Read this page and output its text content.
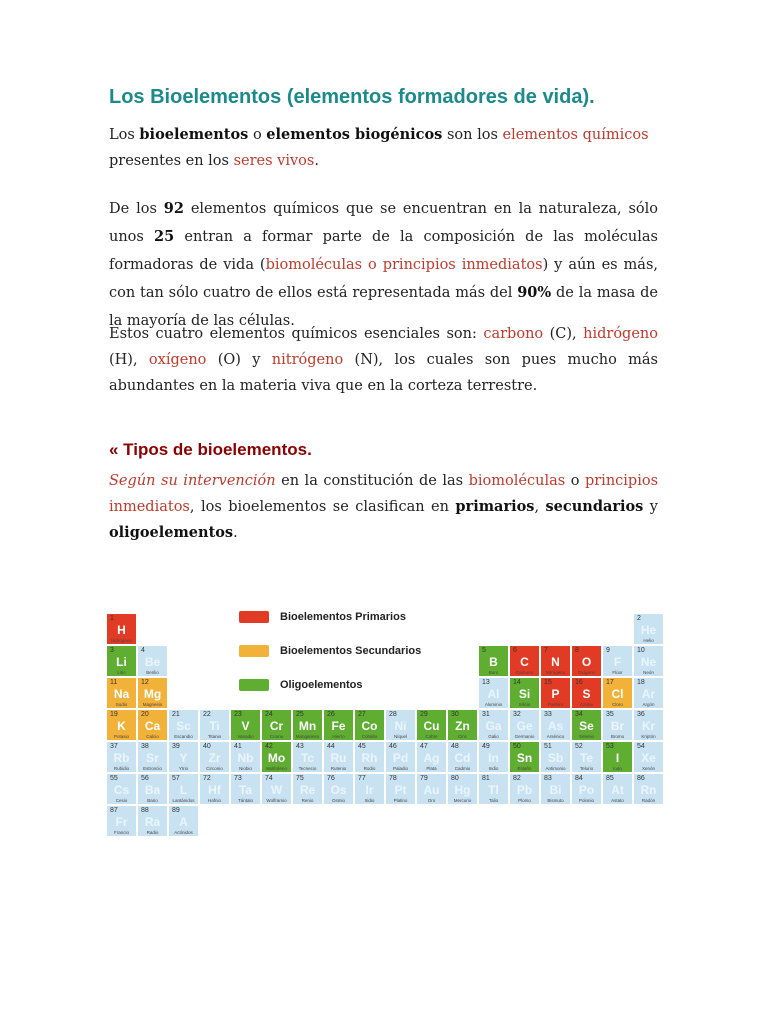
Los Bioelementos (elementos formadores de vida).
Los bioelementos o elementos biogénicos son los elementos químicos
presentes en los seres vivos.
De los 92 elementos químicos que se encuentran en la naturaleza, sólo unos 25 entran a formar parte de la composición de las moléculas formadoras de vida (biomoléculas o principios inmediatos) y aún es más, con tan sólo cuatro de ellos está representada más del 90% de la masa de la mayoría de las células.
Estos cuatro elementos químicos esenciales son: carbono (C), hidrógeno (H), oxígeno (O) y nitrógeno (N), los cuales son pues mucho más abundantes en la materia viva que en la corteza terrestre.
« Tipos de bioelementos.
Según su intervención en la constitución de las biomoléculas o principios inmediatos, los bioelementos se clasifican en primarios, secundarios y oligoelementos.
Bioelementos Primarios
Bioelementos Secundarios
Oligoelementos
1
H
Hidrógeno
2
He
Helio
3
Li
Litio
4
Be
Berilio
5
B
Boro
6
C
Carbono
7
N
Nitrógeno
8
O
Oxígeno
9
F
Flúor
10
Ne
Neón
11
Na
Sodio
12
Mg
Magnesio
13
Al
Aluminio
14
Si
Silicio
15
P
Fósforo
16
S
Azufre
17
Cl
Cloro
18
Ar
Argón
19
K
Potasio
20
Ca
Calcio
21
Sc
Escandio
22
Ti
Titanio
23
V
Vanadio
24
Cr
Cromo
25
Mn
Manganeso
26
Fe
Hierro
27
Co
Cobalto
28
Ni
Níquel
29
Cu
Cobre
30
Zn
Cinc
31
Ga
Galio
32
Ge
Germanio
33
As
Arsénico
34
Se
Selenio
35
Br
Bromo
36
Kr
Kriptón
37
Rb
Rubidio
38
Sr
Estroncio
39
Y
Ytrio
40
Zr
Circonio
41
Nb
Niobio
42
Mo
Molibdeno
43
Tc
Tecnecio
44
Ru
Rutenio
45
Rh
Rodio
46
Pd
Paladio
47
Ag
Plata
48
Cd
Cadmio
49
In
Indio
50
Sn
Estaño
51
Sb
Antimonio
52
Te
Telurio
53
I
Iodo
54
Xe
Xenón
55
Cs
Cesio
56
Ba
Bario
57
L
Lantánidos
72
Hf
Hafnio
73
Ta
Tántalo
74
W
Wolframio
75
Re
Renio
76
Os
Osmio
77
Ir
Iridio
78
Pt
Platino
79
Au
Oro
80
Hg
Mercurio
81
Tl
Talio
82
Pb
Plomo
83
Bi
Bismuto
84
Po
Polonio
85
At
Astato
86
Rn
Radón
87
Fr
Francio
88
Ra
Radio
89
A
Actínidos
